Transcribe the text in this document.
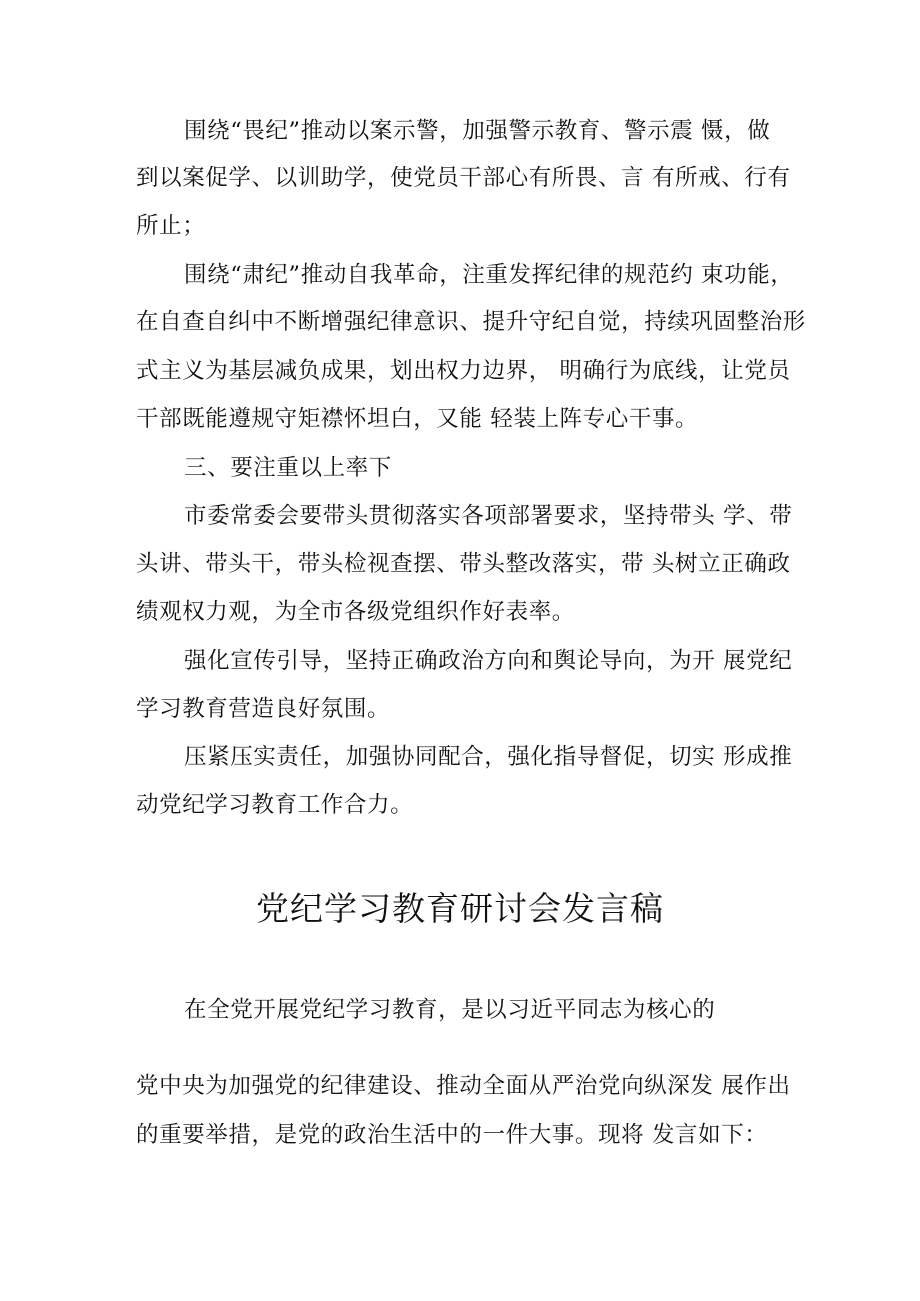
围绕“畏纪”推动以案示警，加强警示教育、警示震 慑，做
到以案促学、以训助学，使党员干部心有所畏、言 有所戒、行有
所止；
围绕“肃纪”推动自我革命，注重发挥纪律的规范约 束功能，
在自查自纠中不断增强纪律意识、提升守纪自觉，持续巩固整治形
式主义为基层减负成果，划出权力边界， 明确行为底线，让党员
干部既能遵规守矩襟怀坦白，又能 轻装上阵专心干事。
三、要注重以上率下
市委常委会要带头贯彻落实各项部署要求，坚持带头 学、带
头讲、带头干，带头检视查摆、带头整改落实，带 头树立正确政
绩观权力观，为全市各级党组织作好表率。
强化宣传引导，坚持正确政治方向和舆论导向，为开 展党纪
学习教育营造良好氛围。
压紧压实责任，加强协同配合，强化指导督促，切实 形成推
动党纪学习教育工作合力。
党纪学习教育研讨会发言稿
在全党开展党纪学习教育，是以习近平同志为核心的
党中央为加强党的纪律建设、推动全面从严治党向纵深发 展作出
的重要举措，是党的政治生活中的一件大事。现将 发言如下：
